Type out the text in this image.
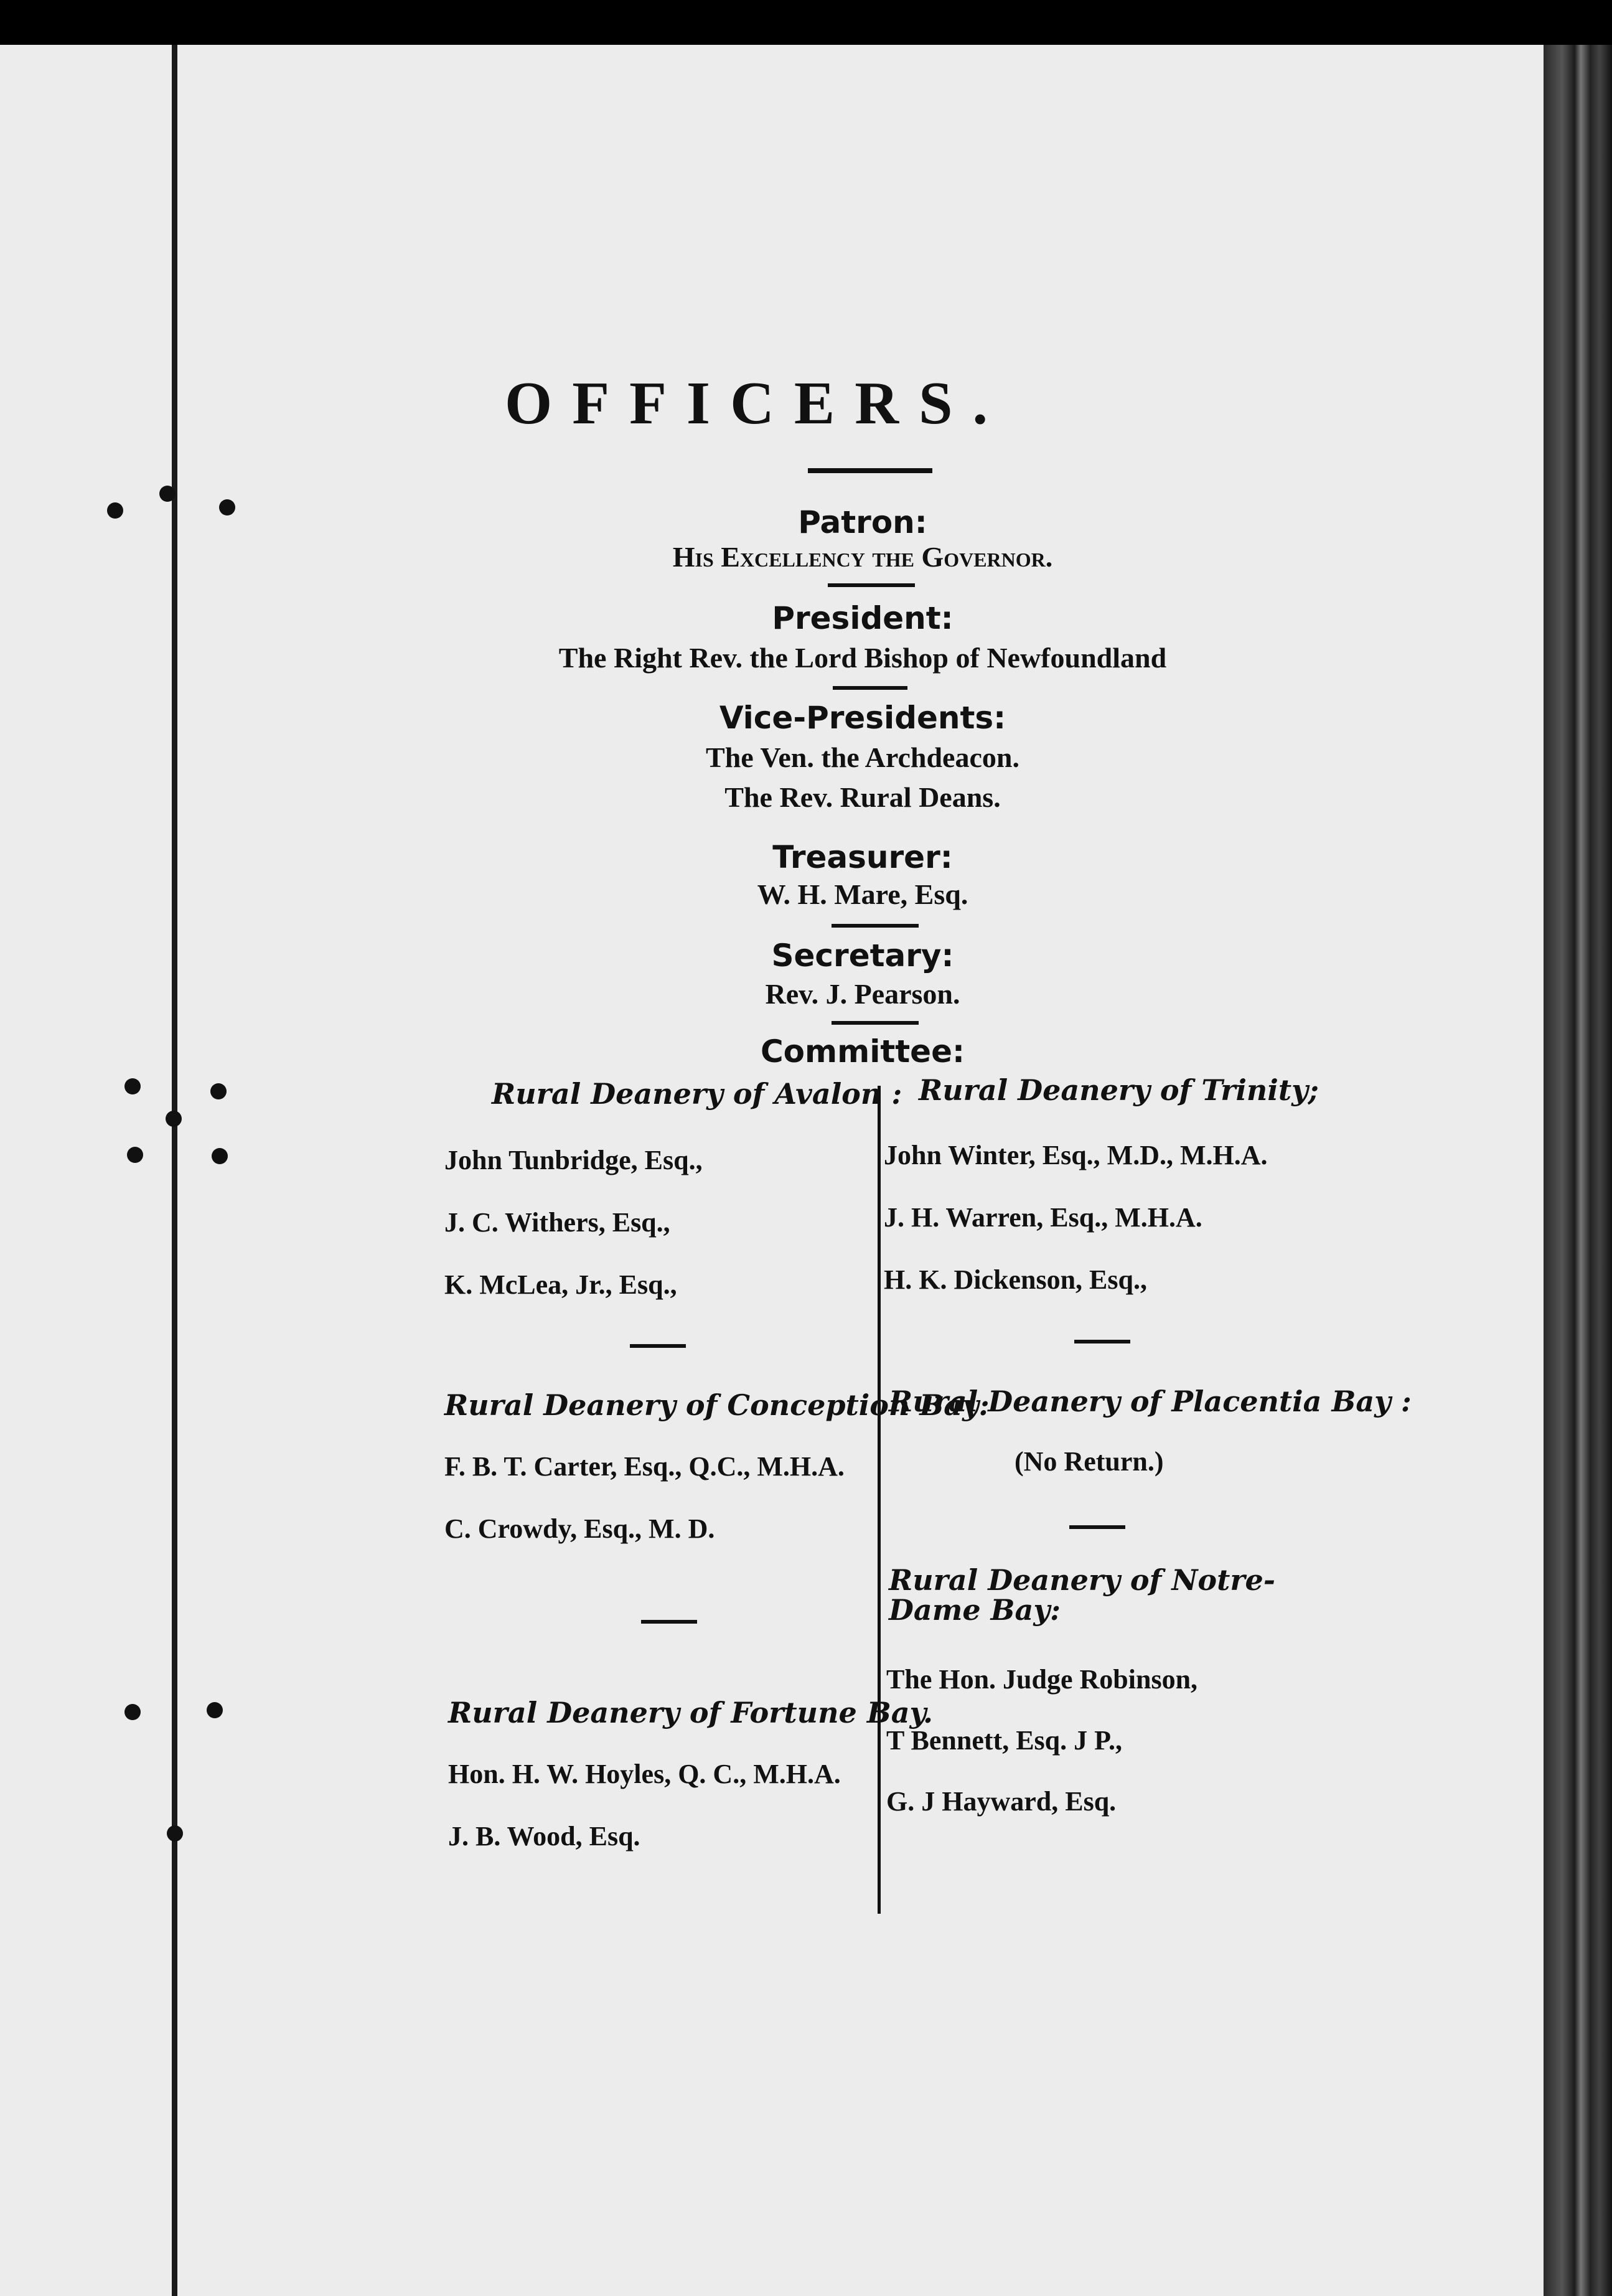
OFFICERS.
Patron:
His Excellency the Governor.
President:
The Right Rev. the Lord Bishop of Newfoundland
Vice-Presidents:
The Ven. the Archdeacon.
The Rev. Rural Deans.
Treasurer:
W. H. Mare, Esq.
Secretary:
Rev. J. Pearson.
Committee:
Rural Deanery of Avalon :
John Tunbridge, Esq.,
J. C. Withers, Esq.,
K. McLea, Jr., Esq.,
Rural Deanery of Conception Bay:
F. B. T. Carter, Esq., Q.C., M.H.A.
C. Crowdy, Esq., M. D.
Rural Deanery of Fortune Bay.
Hon. H. W. Hoyles, Q. C., M.H.A.
J. B. Wood, Esq.
Rural Deanery of Trinity;
John Winter, Esq., M.D., M.H.A.
J. H. Warren, Esq., M.H.A.
H. K. Dickenson, Esq.,
Rural Deanery of Placentia Bay :
(No Return.)
Rural Deanery of Notre-Dame Bay:
The Hon. Judge Robinson,
T Bennett, Esq. J P.,
G. J Hayward, Esq.
